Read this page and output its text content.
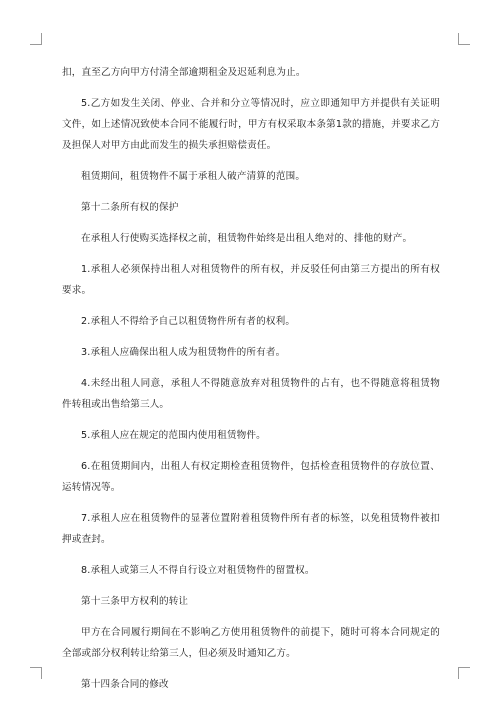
扣，直至乙方向甲方付清全部逾期租金及迟延利息为止。

5.乙方如发生关闭、停业、合并和分立等情况时，应立即通知甲方并提供有关证明文件，如上述情况致使本合同不能履行时，甲方有权采取本条第1款的措施，并要求乙方及担保人对甲方由此而发生的损失承担赔偿责任。

租赁期间，租赁物件不属于承租人破产清算的范围。

第十二条所有权的保护

在承租人行使购买选择权之前，租赁物件始终是出租人绝对的、排他的财产。

1.承租人必须保持出租人对租赁物件的所有权，并反驳任何由第三方提出的所有权要求。

2.承租人不得给予自己以租赁物件所有者的权利。

3.承租人应确保出租人成为租赁物件的所有者。

4.未经出租人同意，承租人不得随意放弃对租赁物件的占有，也不得随意将租赁物件转租或出售给第三人。

5.承租人应在规定的范围内使用租赁物件。

6.在租赁期间内，出租人有权定期检查租赁物件，包括检查租赁物件的存放位置、运转情况等。

7.承租人应在租赁物件的显著位置附着租赁物件所有者的标签，以免租赁物件被扣押或查封。

8.承租人或第三人不得自行设立对租赁物件的留置权。

第十三条甲方权利的转让

甲方在合同履行期间在不影响乙方使用租赁物件的前提下，随时可将本合同规定的全部或部分权利转让给第三人，但必须及时通知乙方。

第十四条合同的修改
